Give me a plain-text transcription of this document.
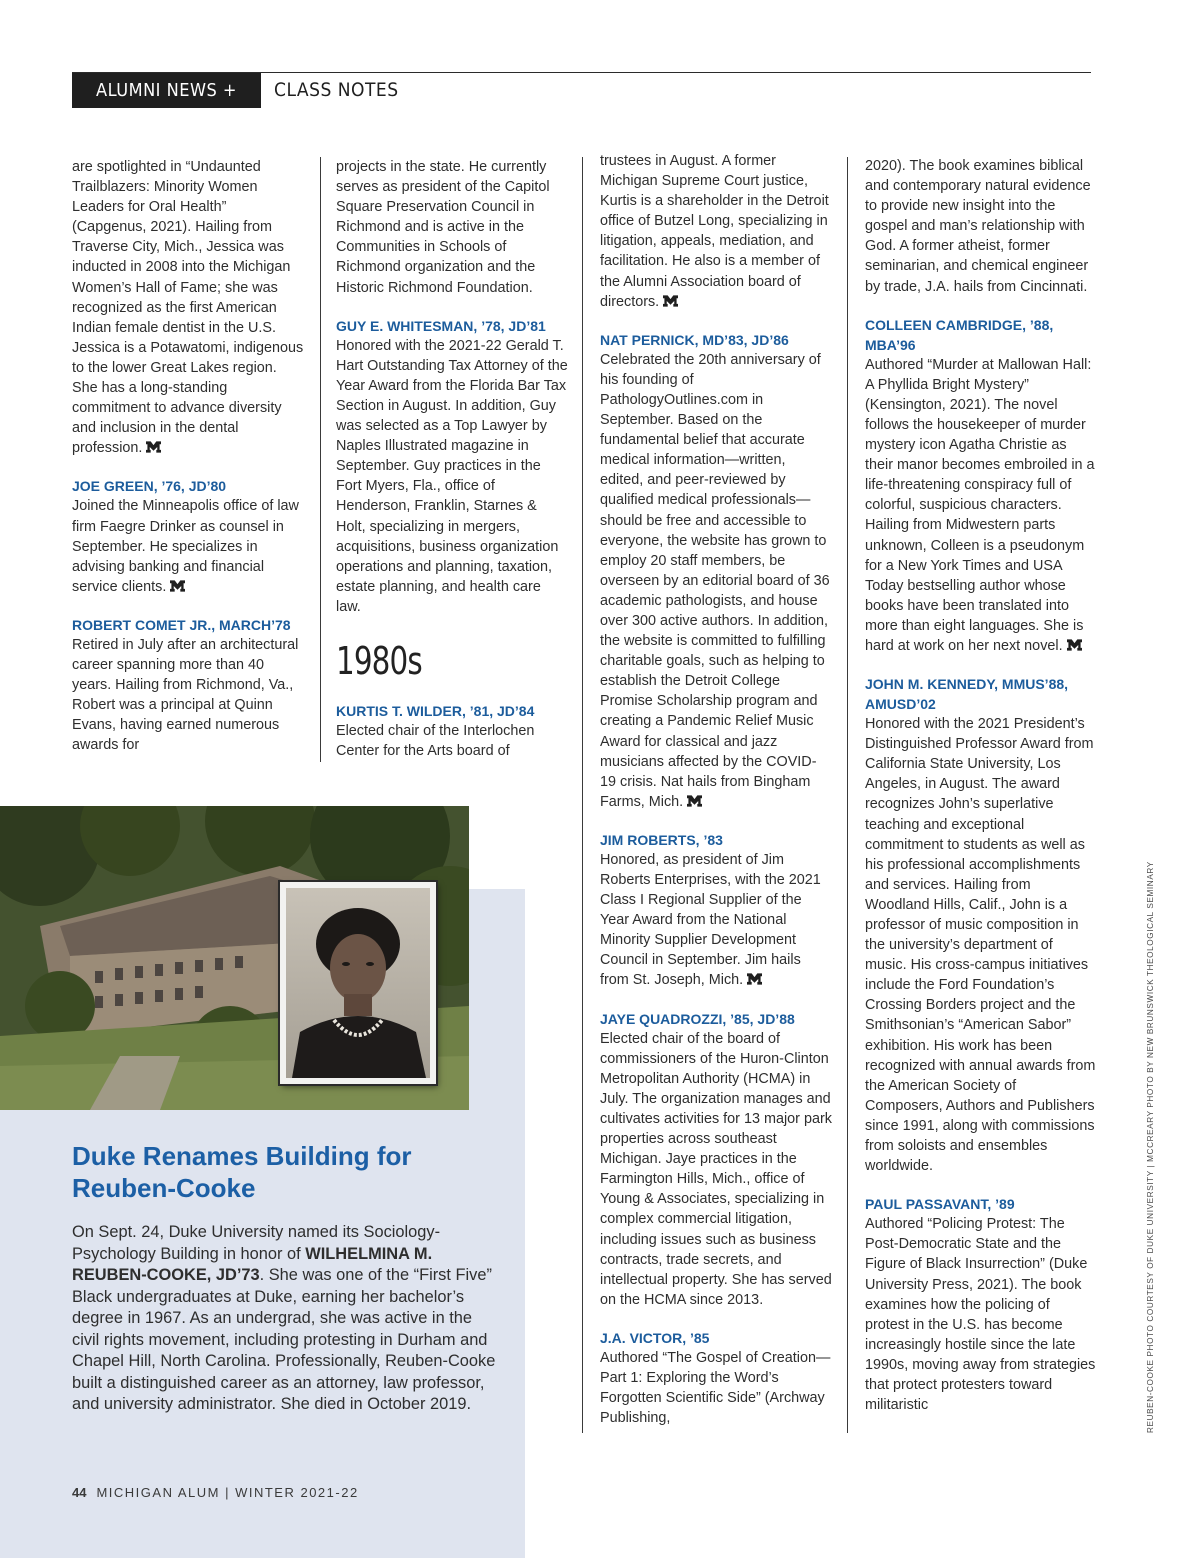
ALUMNI NEWS + NOTES
CLASS NOTES

are spotlighted in “Undaunted Trailblazers: Minority Women Leaders for Oral Health” (Capgenus, 2021). Hailing from Traverse City, Mich., Jessica was inducted in 2008 into the Michigan Women’s Hall of Fame; she was recognized as the first American Indian female dentist in the U.S. Jessica is a Potawatomi, indigenous to the lower Great Lakes region. She has a long-standing commitment to advance diversity and inclusion in the dental profession.

JOE GREEN, ’76, JD’80

Joined the Minneapolis office of law firm Faegre Drinker as counsel in September. He specializes in advising banking and financial service clients.

ROBERT COMET JR., MARCH’78

Retired in July after an architectural career spanning more than 40 years. Hailing from Richmond, Va., Robert was a principal at Quinn Evans, having earned numerous awards for

projects in the state. He currently serves as president of the Capitol Square Preservation Council in Richmond and is active in the Communities in Schools of Richmond organization and the Historic Richmond Foundation.

GUY E. WHITESMAN, ’78, JD’81

Honored with the 2021-22 Gerald T. Hart Outstanding Tax Attorney of the Year Award from the Florida Bar Tax Section in August. In addition, Guy was selected as a Top Lawyer by Naples Illustrated magazine in September. Guy practices in the Fort Myers, Fla., office of Henderson, Franklin, Starnes & Holt, specializing in mergers, acquisitions, business organization operations and planning, taxation, estate planning, and health care law.

1980s

KURTIS T. WILDER, ’81, JD’84

Elected chair of the Interlochen Center for the Arts board of

trustees in August. A former Michigan Supreme Court justice, Kurtis is a shareholder in the Detroit office of Butzel Long, specializing in litigation, appeals, mediation, and facilitation. He also is a member of the Alumni Association board of directors.

NAT PERNICK, MD’83, JD’86

Celebrated the 20th anniversary of his founding of PathologyOutlines.com in September. Based on the fundamental belief that accurate medical information—written, edited, and peer-reviewed by qualified medical professionals—should be free and accessible to everyone, the website has grown to employ 20 staff members, be overseen by an editorial board of 36 academic pathologists, and house over 300 active authors. In addition, the website is committed to fulfilling charitable goals, such as helping to establish the Detroit College Promise Scholarship program and creating a Pandemic Relief Music Award for classical and jazz musicians affected by the COVID-19 crisis. Nat hails from Bingham Farms, Mich.

JIM ROBERTS, ’83

Honored, as president of Jim Roberts Enterprises, with the 2021 Class I Regional Supplier of the Year Award from the National Minority Supplier Development Council in September. Jim hails from St. Joseph, Mich.

JAYE QUADROZZI, ’85, JD’88

Elected chair of the board of commissioners of the Huron-Clinton Metropolitan Authority (HCMA) in July. The organization manages and cultivates activities for 13 major park properties across southeast Michigan. Jaye practices in the Farmington Hills, Mich., office of Young & Associates, specializing in complex commercial litigation, including issues such as business contracts, trade secrets, and intellectual property. She has served on the HCMA since 2013.

J.A. VICTOR, ’85

Authored “The Gospel of Creation—Part 1: Exploring the Word’s Forgotten Scientific Side” (Archway Publishing,

2020). The book examines biblical and contemporary natural evidence to provide new insight into the gospel and man’s relationship with God. A former atheist, former seminarian, and chemical engineer by trade, J.A. hails from Cincinnati.

COLLEEN CAMBRIDGE, ’88, MBA’96

Authored “Murder at Mallowan Hall: A Phyllida Bright Mystery” (Kensington, 2021). The novel follows the housekeeper of murder mystery icon Agatha Christie as their manor becomes embroiled in a life-threatening conspiracy full of colorful, suspicious characters. Hailing from Midwestern parts unknown, Colleen is a pseudonym for a New York Times and USA Today bestselling author whose books have been translated into more than eight languages. She is hard at work on her next novel.

JOHN M. KENNEDY, MMUS’88, AMUSD’02

Honored with the 2021 President’s Distinguished Professor Award from California State University, Los Angeles, in August. The award recognizes John’s superlative teaching and exceptional commitment to students as well as his professional accomplishments and services. Hailing from Woodland Hills, Calif., John is a professor of music composition in the university’s department of music. His cross-campus initiatives include the Ford Foundation’s Crossing Borders project and the Smithsonian’s “American Sabor” exhibition. His work has been recognized with annual awards from the American Society of Composers, Authors and Publishers since 1991, along with commissions from soloists and ensembles worldwide.

PAUL PASSAVANT, ’89

Authored “Policing Protest: The Post-Democratic State and the Figure of Black Insurrection” (Duke University Press, 2021). The book examines how the policing of protest in the U.S. has become increasingly hostile since the late 1990s, moving away from strategies that protect protesters toward militaristic

Duke Renames Building for Reuben-Cooke
On Sept. 24, Duke University named its Sociology-Psychology Building in honor of WILHELMINA M. REUBEN-COOKE, JD’73. She was one of the “First Five” Black undergraduates at Duke, earning her bachelor’s degree in 1967. As an undergrad, she was active in the civil rights movement, including protesting in Durham and Chapel Hill, North Carolina. Professionally, Reuben-Cooke built a distinguished career as an attorney, law professor, and university administrator. She died in October 2019.
44 MICHIGAN ALUM | WINTER 2021-22
REUBEN-COOKE PHOTO COURTESY OF DUKE UNIVERSITY | MCCREARY PHOTO BY NEW BRUNSWICK THEOLOGICAL SEMINARY
